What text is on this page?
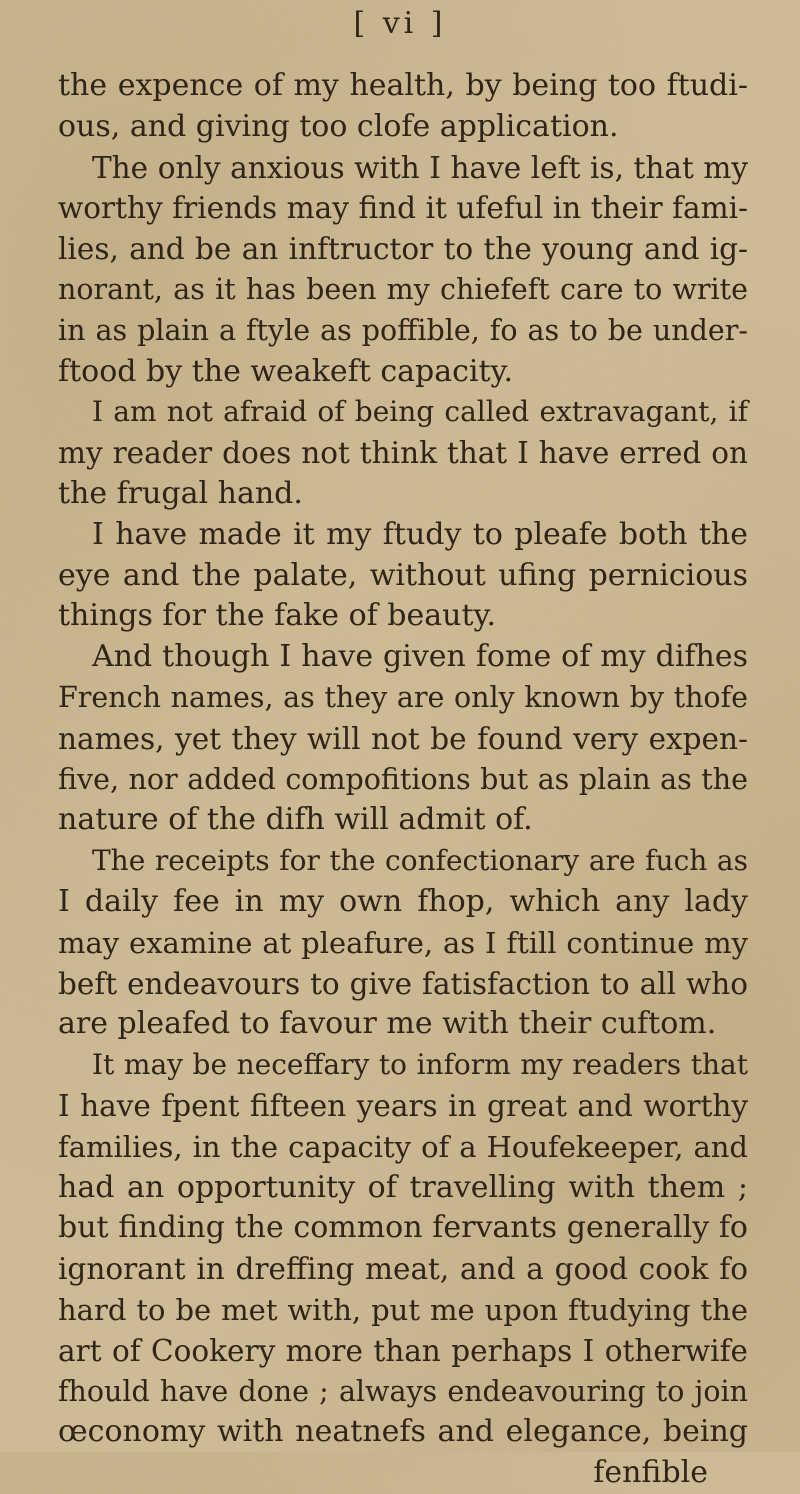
[ vi ]
the expence of my health, by being too ftudi-
ous, and giving too clofe application.
The only anxious with I have left is, that my
worthy friends may find it ufeful in their fami-
lies, and be an inftructor to the young and ig-
norant, as it has been my chiefeft care to write
in as plain a ftyle as poffible, fo as to be under-
ftood by the weakeft capacity.
I am not afraid of being called extravagant, if
my reader does not think that I have erred on
the frugal hand.
I have made it my ftudy to pleafe both the
eye and the palate, without ufing pernicious
things for the fake of beauty.
And though I have given fome of my difhes
French names, as they are only known by thofe
names, yet they will not be found very expen-
five, nor added compofitions but as plain as the
nature of the difh will admit of.
The receipts for the confectionary are fuch as
I daily fee in my own fhop, which any lady
may examine at pleafure, as I ftill continue my
beft endeavours to give fatisfaction to all who
are pleafed to favour me with their cuftom.
It may be neceffary to inform my readers that
I have fpent fifteen years in great and worthy
families, in the capacity of a Houfekeeper, and
had an opportunity of travelling with them ;
but finding the common fervants generally fo
ignorant in dreffing meat, and a good cook fo
hard to be met with, put me upon ftudying the
art of Cookery more than perhaps I otherwife
fhould have done ; always endeavouring to join
œconomy with neatnefs and elegance, being
fenfible
